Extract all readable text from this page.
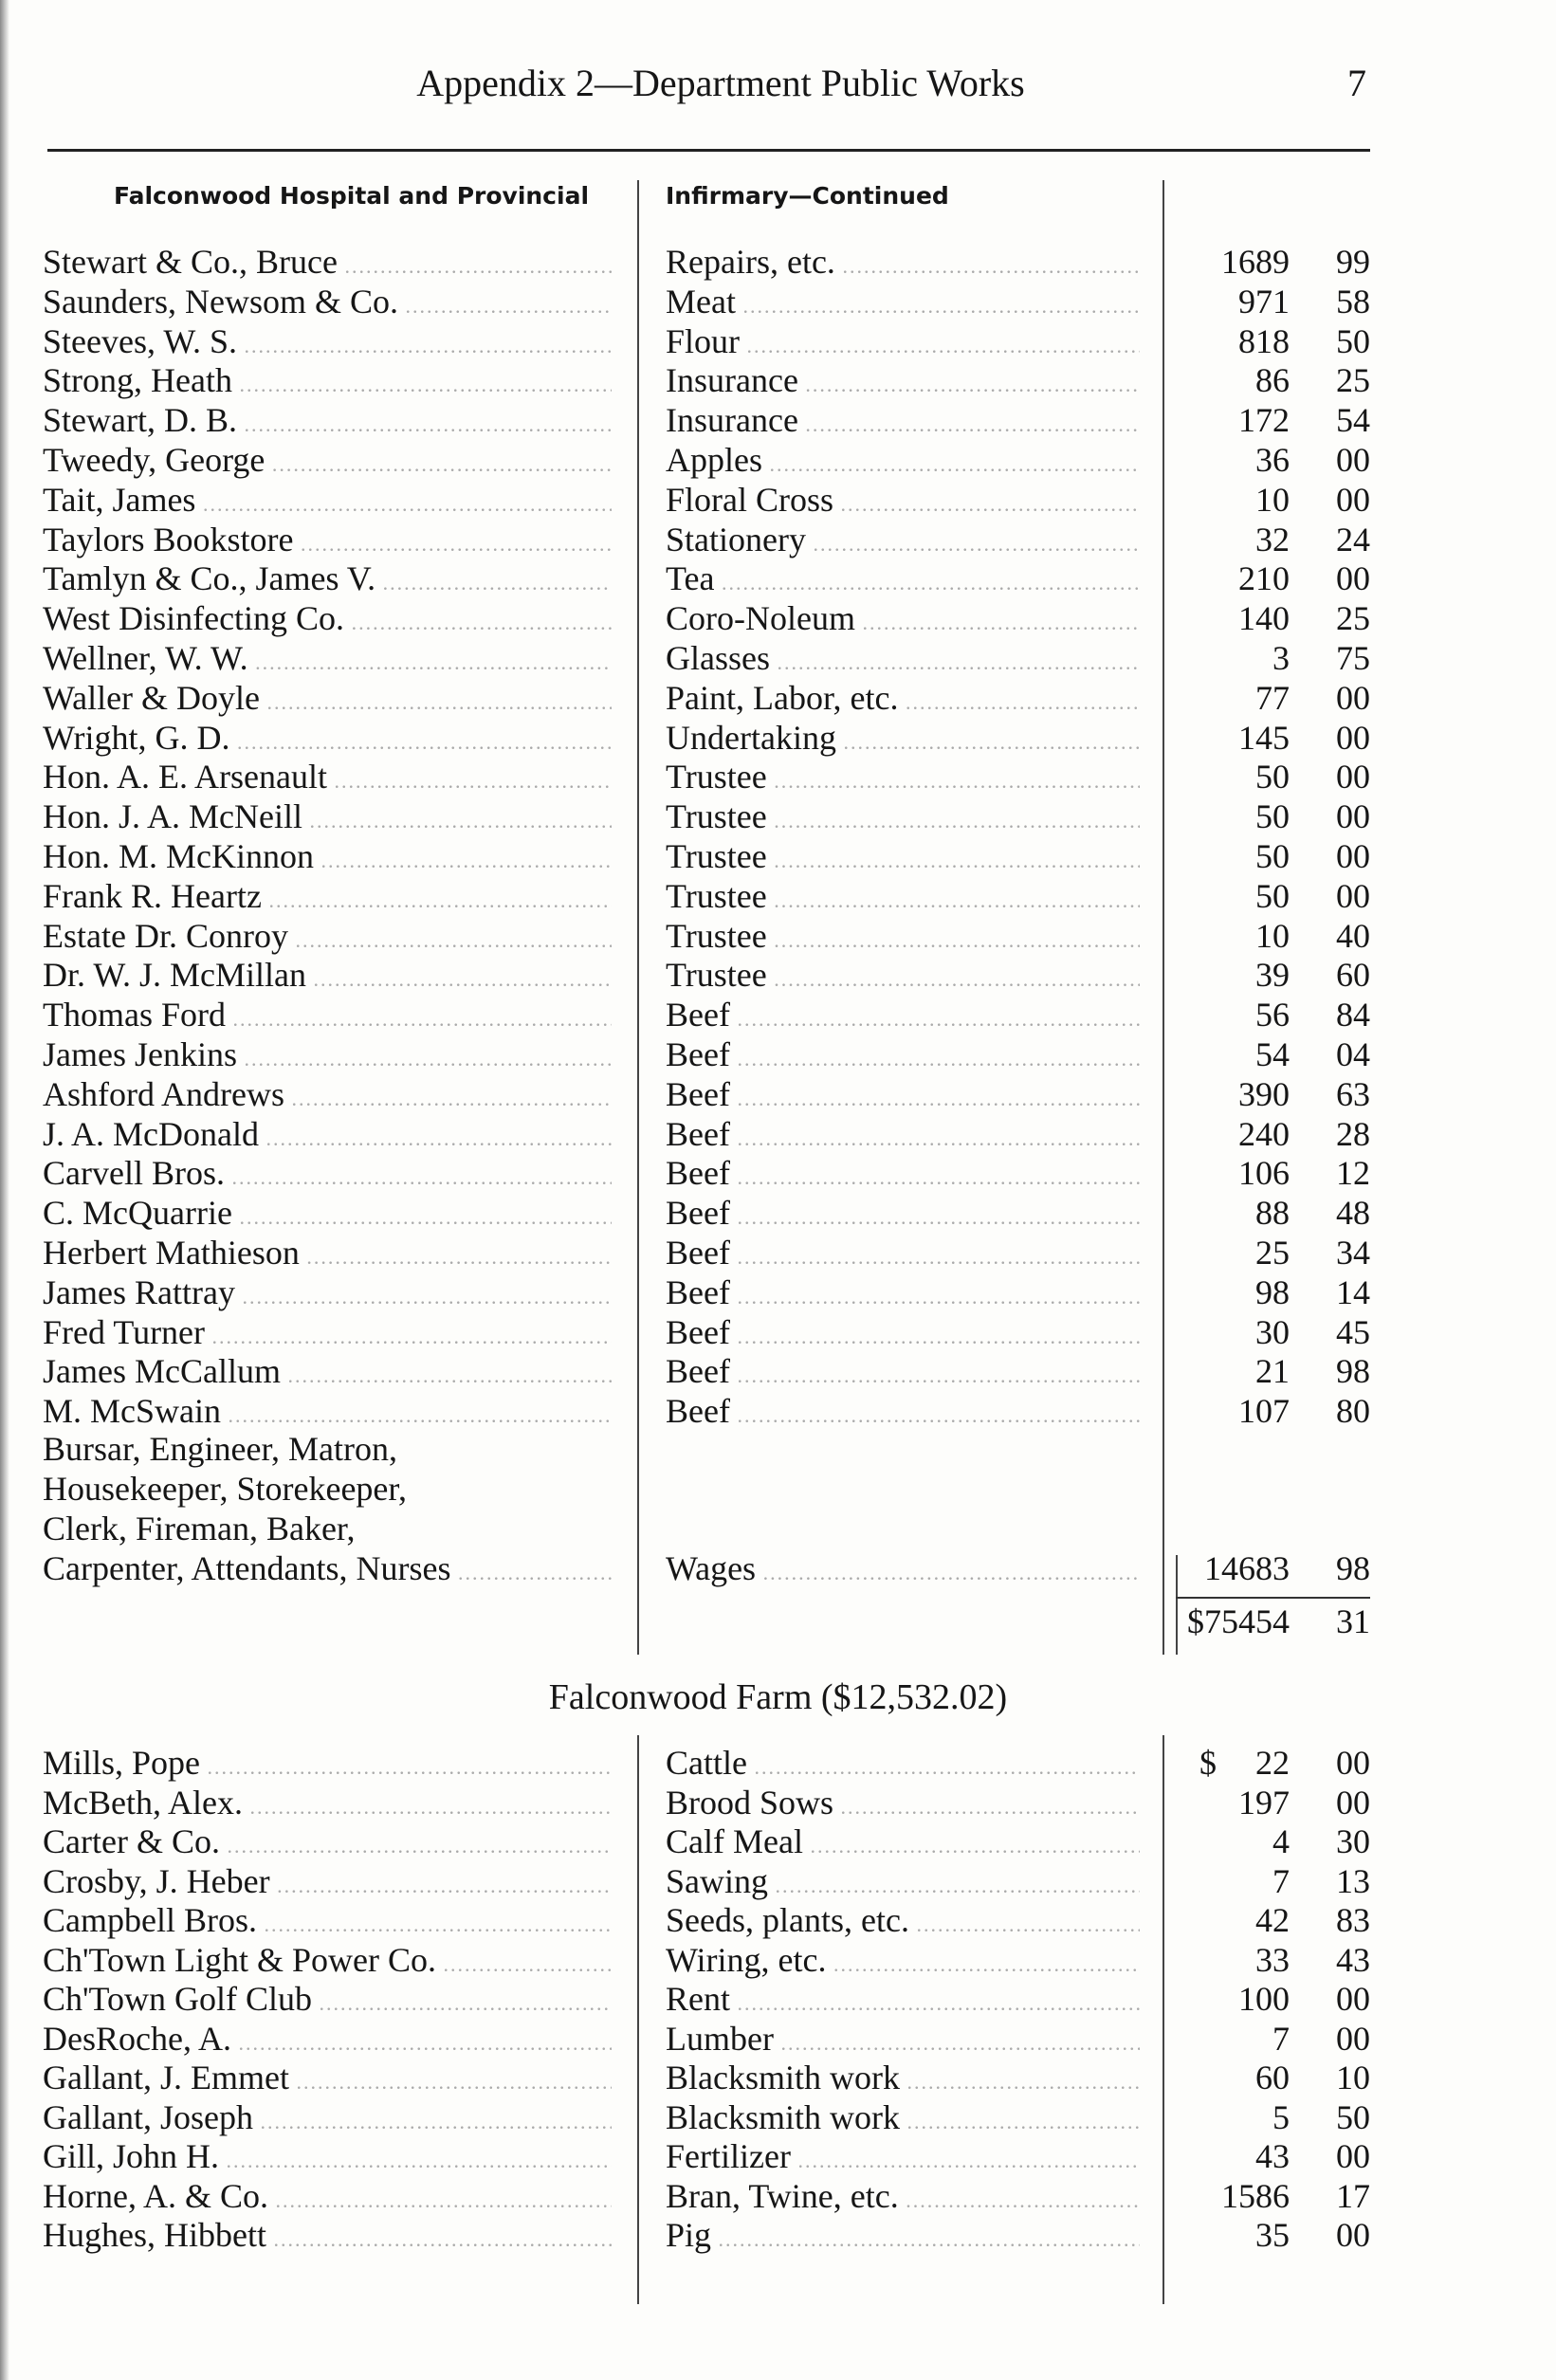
Appendix 2—Department Public Works	7
Falconwood Hospital and Provincial	Infirmary—Continued
Stewart & Co., Bruce .....	Repairs, etc. .....	1689	99
Saunders, Newsom & Co. .....	Meat .....	971	58
Steeves, W. S. .....	Flour .....	818	50
Strong, Heath .....	Insurance .....	86	25
Stewart, D. B. .....	Insurance .....	172	54
Tweedy, George .....	Apples .....	36	00
Tait, James .....	Floral Cross .....	10	00
Taylors Bookstore .....	Stationery .....	32	24
Tamlyn & Co., James V. .....	Tea .....	210	00
West Disinfecting Co. .....	Coro-Noleum .....	140	25
Wellner, W. W. .....	Glasses .....	3	75
Waller & Doyle .....	Paint, Labor, etc. .....	77	00
Wright, G. D. .....	Undertaking .....	145	00
Hon. A. E. Arsenault .....	Trustee .....	50	00
Hon. J. A. McNeill .....	Trustee .....	50	00
Hon. M. McKinnon .....	Trustee .....	50	00
Frank R. Heartz .....	Trustee .....	50	00
Estate Dr. Conroy .....	Trustee .....	10	40
Dr. W. J. McMillan .....	Trustee .....	39	60
Thomas Ford .....	Beef .....	56	84
James Jenkins .....	Beef .....	54	04
Ashford Andrews .....	Beef .....	390	63
J. A. McDonald .....	Beef .....	240	28
Carvell Bros. .....	Beef .....	106	12
C. McQuarrie .....	Beef .....	88	48
Herbert Mathieson .....	Beef .....	25	34
James Rattray .....	Beef .....	98	14
Fred Turner .....	Beef .....	30	45
James McCallum .....	Beef .....	21	98
M. McSwain .....	Beef .....	107	80
Bursar, Engineer, Matron,
Housekeeper, Storekeeper,
Clerk, Fireman, Baker,
Carpenter, Attendants, Nurses .....	Wages .....	14683	98
$75454	31
Falconwood Farm ($12,532.02)
Mills, Pope .....	Cattle .....	22	00
$
McBeth, Alex. .....	Brood Sows .....	197	00
Carter & Co. .....	Calf Meal .....	4	30
Crosby, J. Heber .....	Sawing .....	7	13
Campbell Bros. .....	Seeds, plants, etc. .....	42	83
Ch'Town Light & Power Co. .....	Wiring, etc. .....	33	43
Ch'Town Golf Club .....	Rent .....	100	00
DesRoche, A. .....	Lumber .....	7	00
Gallant, J. Emmet .....	Blacksmith work .....	60	10
Gallant, Joseph .....	Blacksmith work .....	5	50
Gill, John H. .....	Fertilizer .....	43	00
Horne, A. & Co. .....	Bran, Twine, etc. .....	1586	17
Hughes, Hibbett .....	Pig .....	35	00
